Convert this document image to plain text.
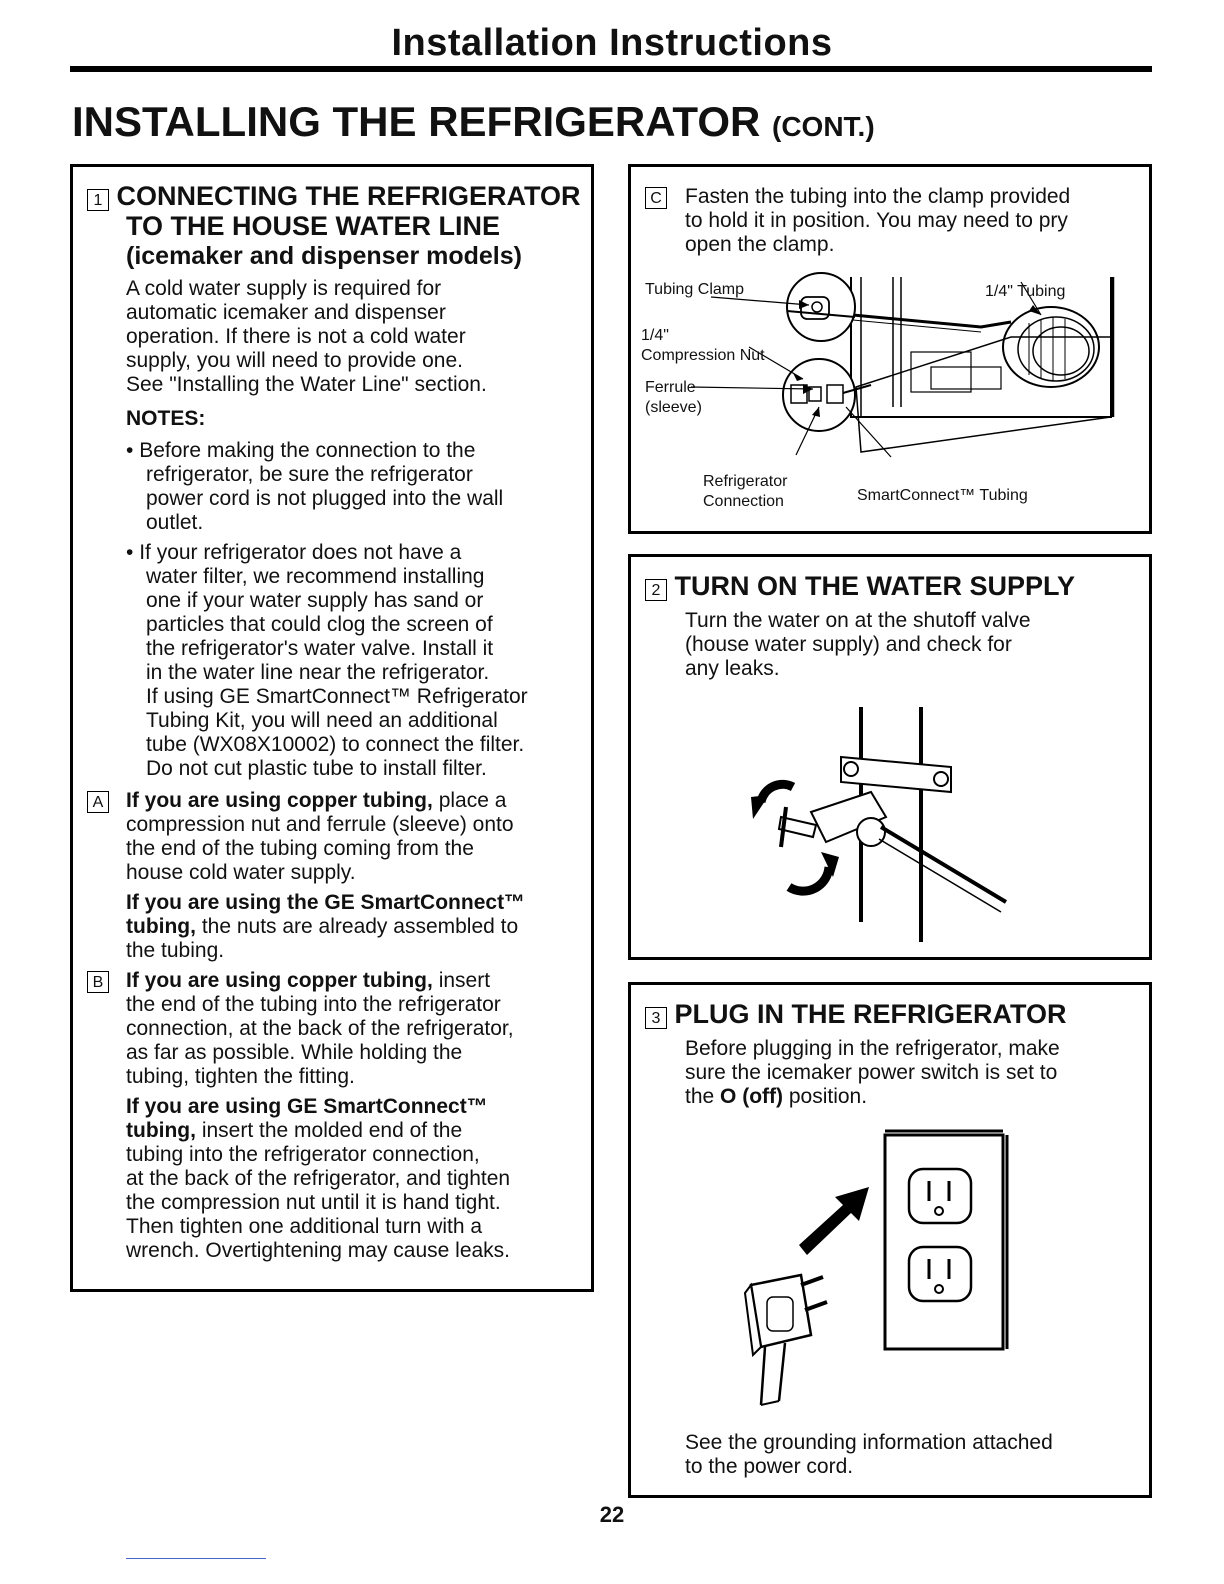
Installation Instructions
INSTALLING THE REFRIGERATOR (CONT.)
1 CONNECTING THE REFRIGERATOR
TO THE HOUSE WATER LINE
(icemaker and dispenser models)
A cold water supply is required for
automatic icemaker and dispenser
operation. If there is not a cold water
supply, you will need to provide one.
See "Installing the Water Line" section.
NOTES:
• Before making the connection to the
refrigerator, be sure the refrigerator
power cord is not plugged into the wall
outlet.
• If your refrigerator does not have a
water filter, we recommend installing
one if your water supply has sand or
particles that could clog the screen of
the refrigerator's water valve. Install it
in the water line near the refrigerator.
If using GE SmartConnect™ Refrigerator
Tubing Kit, you will need an additional
tube (WX08X10002) to connect the filter.
Do not cut plastic tube to install filter.
A If you are using copper tubing, place a
compression nut and ferrule (sleeve) onto
the end of the tubing coming from the
house cold water supply.
If you are using the GE SmartConnect™
tubing, the nuts are already assembled to
the tubing.
B If you are using copper tubing, insert
the end of the tubing into the refrigerator
connection, at the back of the refrigerator,
as far as possible. While holding the
tubing, tighten the fitting.
If you are using GE SmartConnect™
tubing, insert the molded end of the
tubing into the refrigerator connection,
at the back of the refrigerator, and tighten
the compression nut until it is hand tight.
Then tighten one additional turn with a
wrench. Overtightening may cause leaks.
C Fasten the tubing into the clamp provided
to hold it in position. You may need to pry
open the clamp.
Tubing Clamp	1/4" Tubing
1/4"
Compression Nut
Ferrule
(sleeve)
Refrigerator
Connection	SmartConnect™ Tubing
2 TURN ON THE WATER SUPPLY
Turn the water on at the shutoff valve
(house water supply) and check for
any leaks.
3 PLUG IN THE REFRIGERATOR
Before plugging in the refrigerator, make
sure the icemaker power switch is set to
the O (off) position.
See the grounding information attached
to the power cord.
22
